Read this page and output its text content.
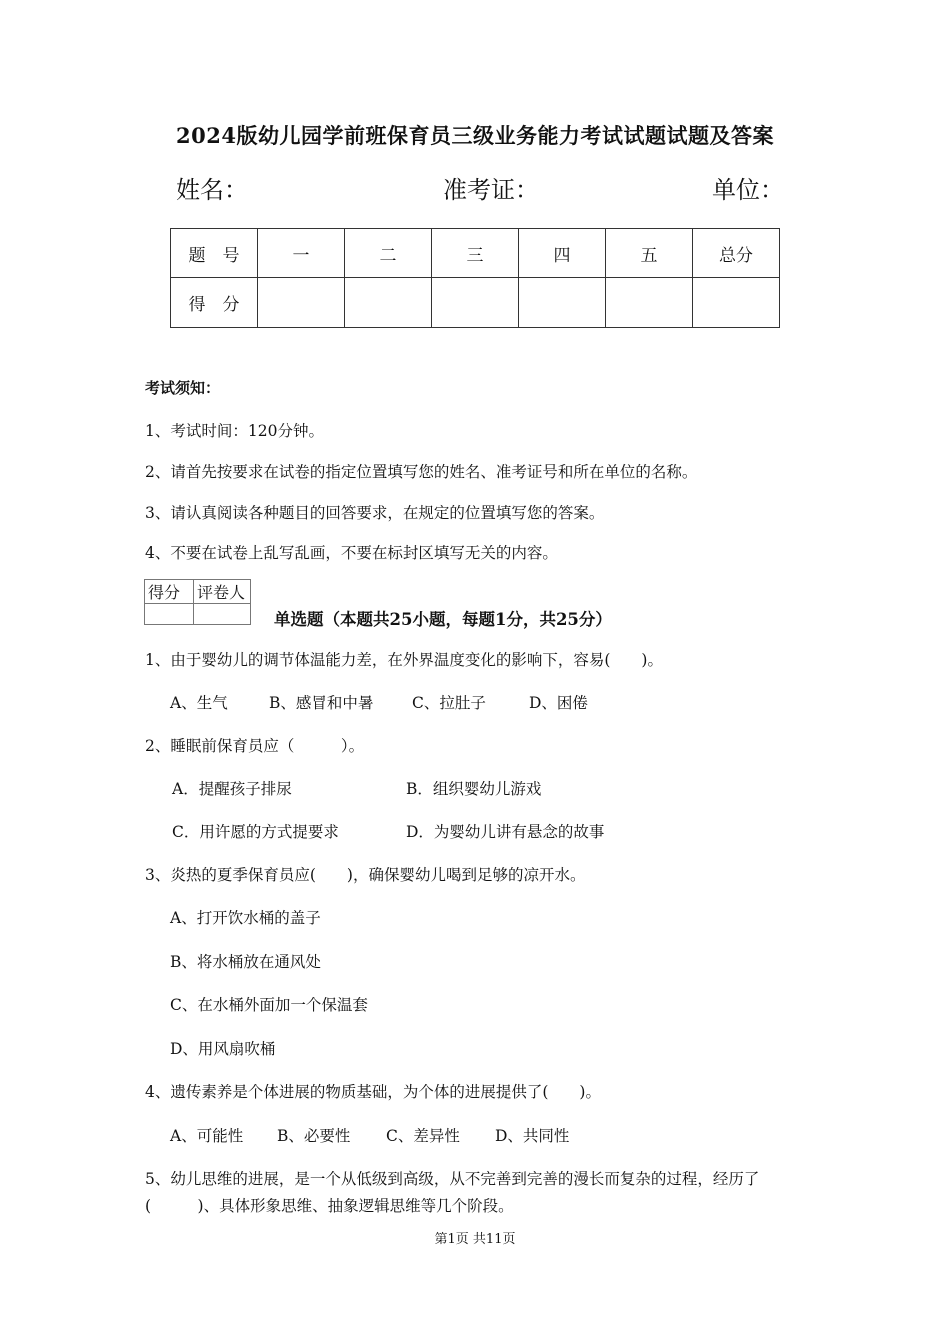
2024版幼儿园学前班保育员三级业务能力考试试题试题及答案
姓名：	准考证：	单位：
题　号	一	二	三	四	五	总分
得　分						
考试须知：
1、考试时间：120分钟。
2、请首先按要求在试卷的指定位置填写您的姓名、准考证号和所在单位的名称。
3、请认真阅读各种题目的回答要求，在规定的位置填写您的答案。
4、不要在试卷上乱写乱画，不要在标封区填写无关的内容。
得分	评卷人

单选题（本题共25小题，每题1分，共25分）
1、由于婴幼儿的调节体温能力差，在外界温度变化的影响下，容易(　　)。
A、生气	B、感冒和中暑 C、拉肚子	D、困倦
2、睡眠前保育员应（　　　）。
A．提醒孩子排尿	B．组织婴幼儿游戏
C．用许愿的方式提要求	D．为婴幼儿讲有悬念的故事
3、炎热的夏季保育员应(　　)，确保婴幼儿喝到足够的凉开水。
A、打开饮水桶的盖子
B、将水桶放在通风处
C、在水桶外面加一个保温套
D、用风扇吹桶
4、遗传素养是个体进展的物质基础，为个体的进展提供了(　　)。
A、可能性 B、必要性 C、差异性 D、共同性
5、幼儿思维的进展，是一个从低级到高级，从不完善到完善的漫长而复杂的过程，经历了
(　　　)、具体形象思维、抽象逻辑思维等几个阶段。
第1页 共11页
